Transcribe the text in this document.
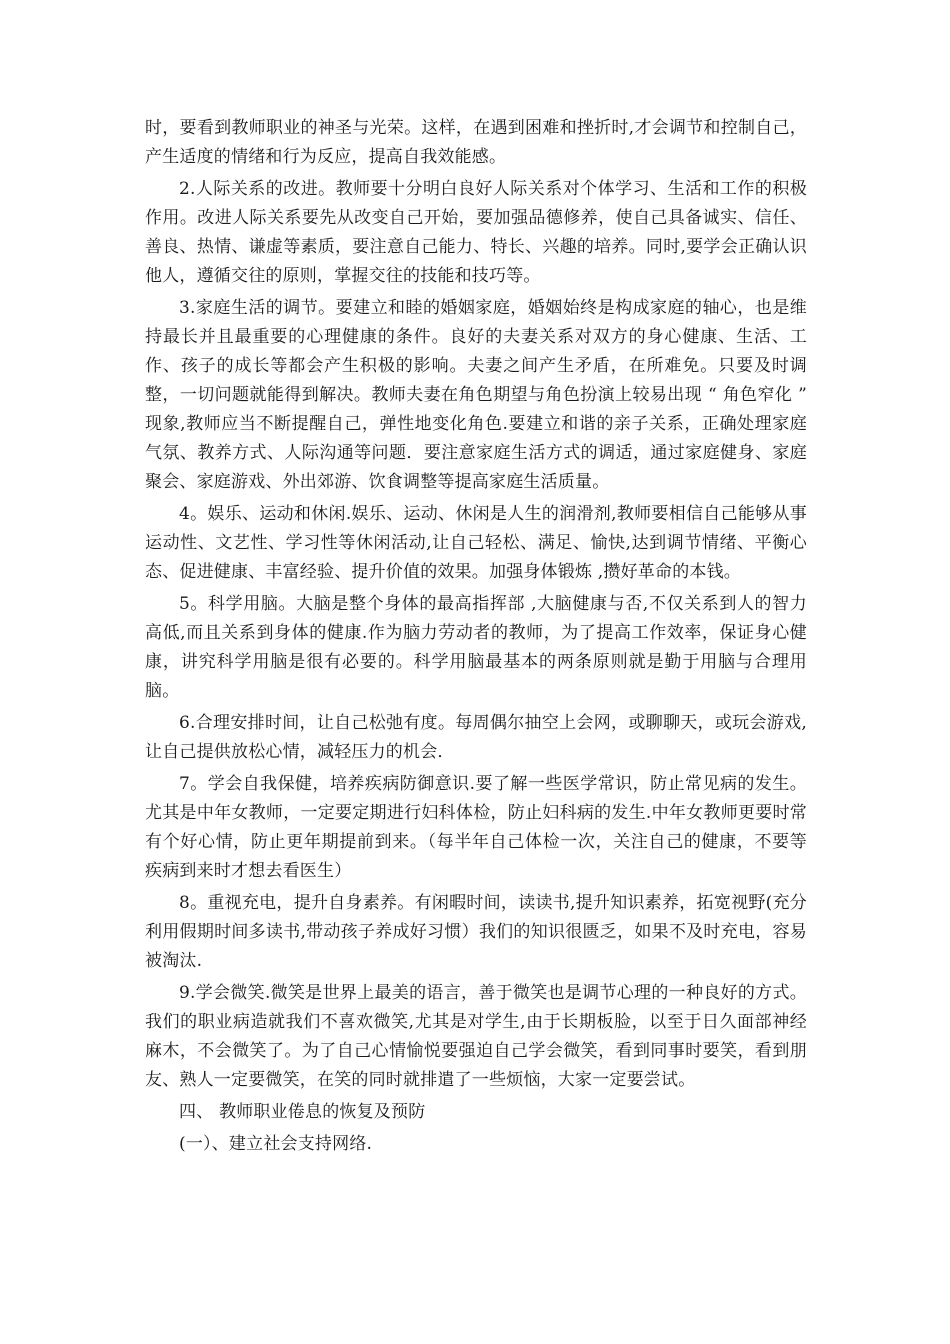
时，要看到教师职业的神圣与光荣。这样，在遇到困难和挫折时,才会调节和控制自己，产生适度的情绪和行为反应，提高自我效能感。

2.人际关系的改进。教师要十分明白良好人际关系对个体学习、生活和工作的积极作用。改进人际关系要先从改变自己开始，要加强品德修养，使自己具备诚实、信任、善良、热情、谦虚等素质，要注意自己能力、特长、兴趣的培养。同时,要学会正确认识他人，遵循交往的原则，掌握交往的技能和技巧等。

3.家庭生活的调节。要建立和睦的婚姻家庭，婚姻始终是构成家庭的轴心，也是维持最长并且最重要的心理健康的条件。良好的夫妻关系对双方的身心健康、生活、工作、孩子的成长等都会产生积极的影响。夫妻之间产生矛盾，在所难免。只要及时调整，一切问题就能得到解决。教师夫妻在角色期望与角色扮演上较易出现 “ 角色窄化 ” 现象,教师应当不断提醒自己，弹性地变化角色.要建立和谐的亲子关系，正确处理家庭气氛、教养方式、人际沟通等问题．要注意家庭生活方式的调适，通过家庭健身、家庭聚会、家庭游戏、外出郊游、饮食调整等提高家庭生活质量。

4。娱乐、运动和休闲.娱乐、运动、休闲是人生的润滑剂,教师要相信自己能够从事运动性、文艺性、学习性等休闲活动,让自己轻松、满足、愉快,达到调节情绪、平衡心态、促进健康、丰富经验、提升价值的效果。加强身体锻炼 ,攒好革命的本钱。

5。科学用脑。大脑是整个身体的最高指挥部 ,大脑健康与否,不仅关系到人的智力高低,而且关系到身体的健康.作为脑力劳动者的教师，为了提高工作效率，保证身心健康，讲究科学用脑是很有必要的。科学用脑最基本的两条原则就是勤于用脑与合理用脑。

6.合理安排时间，让自己松弛有度。每周偶尔抽空上会网，或聊聊天，或玩会游戏,让自己提供放松心情，减轻压力的机会．

7。学会自我保健，培养疾病防御意识.要了解一些医学常识，防止常见病的发生。尤其是中年女教师，一定要定期进行妇科体检，防止妇科病的发生.中年女教师更要时常有个好心情，防止更年期提前到来。（每半年自己体检一次，关注自己的健康，不要等疾病到来时才想去看医生）

8。重视充电，提升自身素养。有闲暇时间，读读书,提升知识素养，拓宽视野(充分利用假期时间多读书,带动孩子养成好习惯）我们的知识很匮乏，如果不及时充电，容易被淘汰.

9.学会微笑.微笑是世界上最美的语言，善于微笑也是调节心理的一种良好的方式。我们的职业病造就我们不喜欢微笑,尤其是对学生,由于长期板脸，以至于日久面部神经麻木，不会微笑了。为了自己心情愉悦要强迫自己学会微笑，看到同事时要笑，看到朋友、熟人一定要微笑，在笑的同时就排遣了一些烦恼，大家一定要尝试。

四、 教师职业倦息的恢复及预防

(一）、建立社会支持网络.
